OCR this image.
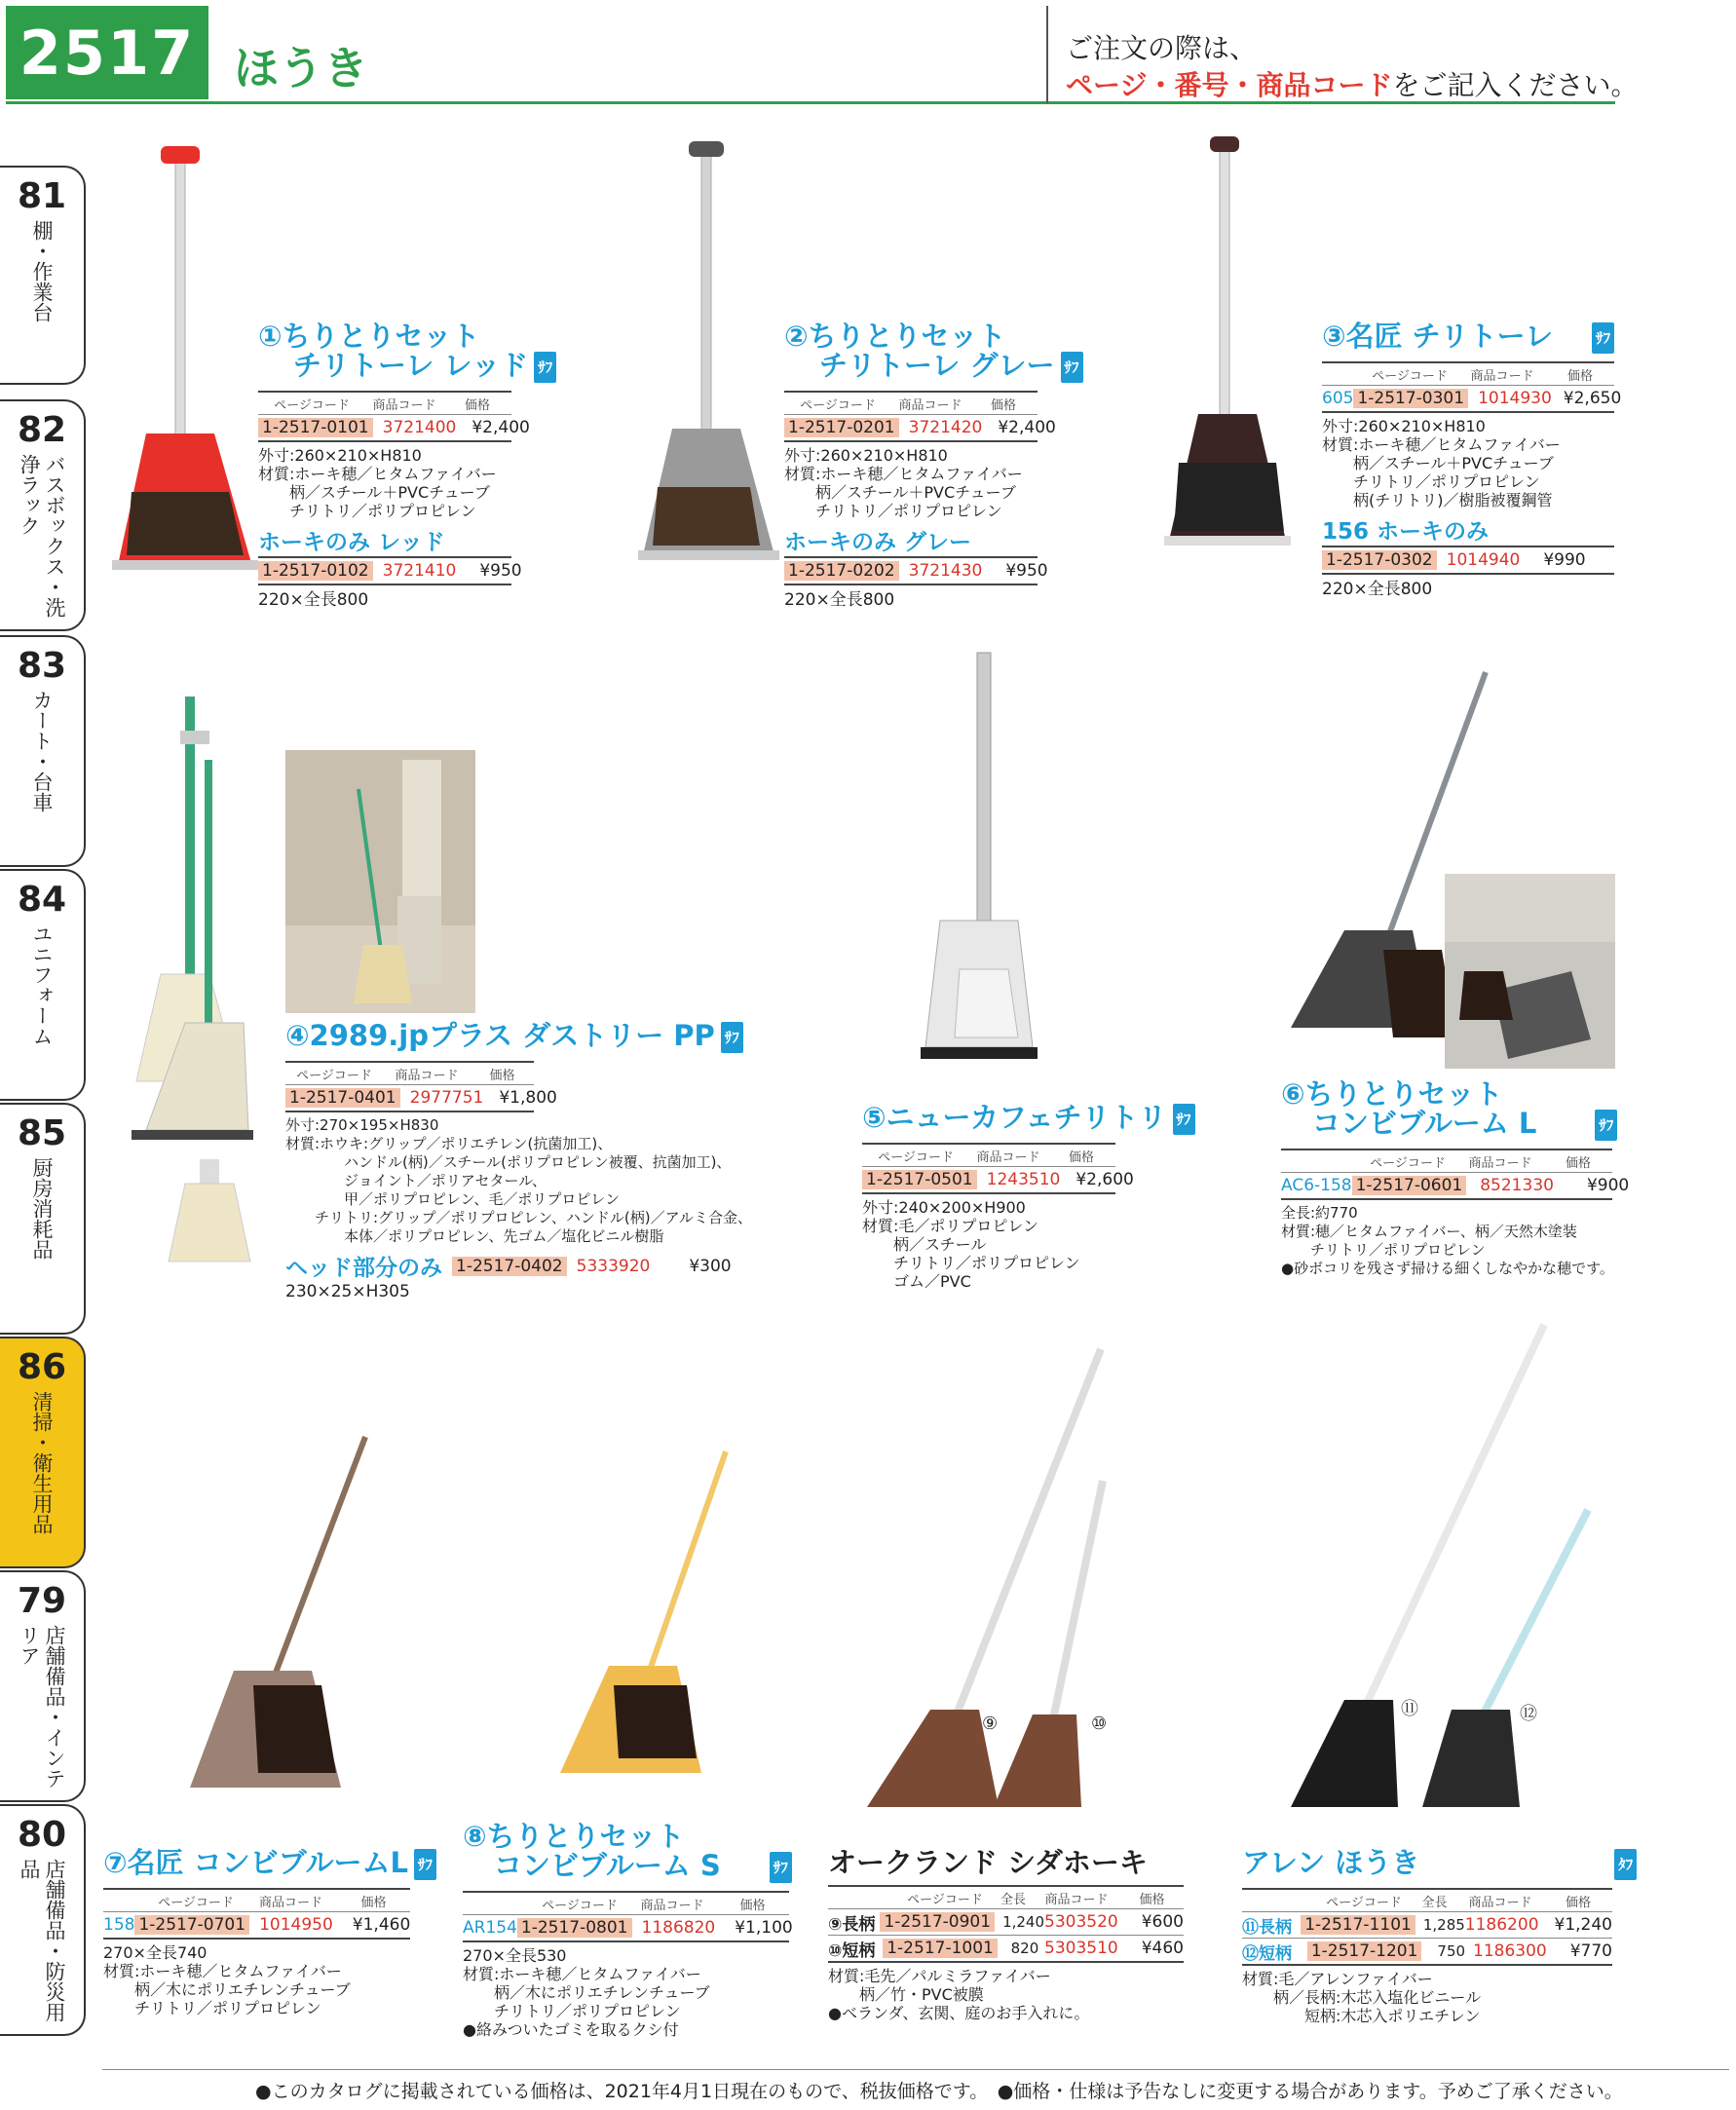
2517 ほうき	ご注文の際は、
ページ・番号・商品コードをご記入ください。
81
棚・作業台
82
バスボックス・洗浄ラック
83
カート・台車
84
ユニフォーム
85
厨房消耗品
86
清掃・衛生用品
79
店舗備品・インテリア
80
店舗備品・防災用品
①ちりとりセット
チリトーレ レッド ｻﾌ
ページコード	商品コード	価格
1-2517-0101 3721400 ¥2,400
外寸:260×210×H810
材質:ホーキ穂／ヒタムファイバー
　　柄／スチール＋PVCチューブ
　　チリトリ／ポリプロピレン
ホーキのみ レッド
1-2517-0102 3721410 ¥950
220×全長800
②ちりとりセット
チリトーレ グレー ｻﾌ
ページコード	商品コード	価格
1-2517-0201 3721420 ¥2,400
外寸:260×210×H810
材質:ホーキ穂／ヒタムファイバー
　　柄／スチール＋PVCチューブ
　　チリトリ／ポリプロピレン
ホーキのみ グレー
1-2517-0202 3721430 ¥950
220×全長800
③名匠 チリトーレ	ｻﾌ
ページコード	商品コード	価格
605 1-2517-0301 1014930 ¥2,650
外寸:260×210×H810
材質:ホーキ穂／ヒタムファイバー
　　柄／スチール＋PVCチューブ
　　チリトリ／ポリプロピレン
　　柄(チリトリ)／樹脂被覆鋼管
156 ホーキのみ
1-2517-0302 1014940 ¥990
220×全長800
④2989.jpプラス ダストリー PP ｻﾌ
ページコード	商品コード	価格
1-2517-0401 2977751 ¥1,800
外寸:270×195×H830
材質:ホウキ:グリップ／ポリエチレン(抗菌加工)、
　　　　ハンドル(柄)／スチール(ポリプロピレン被覆、抗菌加工)、
　　　　ジョイント／ポリアセタール、
　　　　甲／ポリプロピレン、毛／ポリプロピレン
　　チリトリ:グリップ／ポリプロピレン、ハンドル(柄)／アルミ合金、
　　　　本体／ポリプロピレン、先ゴム／塩化ビニル樹脂
ヘッド部分のみ 1-2517-0402 5333920 ¥300
230×25×H305
⑤ニューカフェチリトリ ｻﾌ
ページコード	商品コード	価格
1-2517-0501 1243510 ¥2,600
外寸:240×200×H900
材質:毛／ポリプロピレン
　　柄／スチール
　　チリトリ／ポリプロピレン
　　ゴム／PVC
⑥ちりとりセット
コンビブルーム L	ｻﾌ
ページコード	商品コード	価格
AC6-158 1-2517-0601 8521330 ¥900
全長:約770
材質:穂／ヒタムファイバー、柄／天然木塗装
　　チリトリ／ポリプロピレン
●砂ボコリを残さず掃ける細くしなやかな穂です。
⑨	⑩
⑪	⑫
⑦名匠 コンビブルームL ｻﾌ
ページコード	商品コード	価格
158 1-2517-0701 1014950 ¥1,460
270×全長740
材質:ホーキ穂／ヒタムファイバー
　　柄／木にポリエチレンチューブ
　　チリトリ／ポリプロピレン
⑧ちりとりセット
コンビブルーム S	ｻﾌ
ページコード	商品コード	価格
AR154 1-2517-0801 1186820 ¥1,100
270×全長530
材質:ホーキ穂／ヒタムファイバー
　　柄／木にポリエチレンチューブ
　　チリトリ／ポリプロピレン
●絡みついたゴミを取るクシ付
オークランド シダホーキ
ページコード	全長	商品コード	価格
⑨長柄 1-2517-0901 1,240 5303520 ¥600
⑩短柄 1-2517-1001	820 5303510 ¥460
材質:毛先／パルミラファイバー
　　柄／竹・PVC被膜
●ベランダ、玄関、庭のお手入れに。
アレン ほうき	ﾀﾌ
ページコード	全長	商品コード	価格
⑪長柄 1-2517-1101 1,285 1186200 ¥1,240
⑫短柄	1-2517-1201	750 1186300 ¥770
材質:毛／アレンファイバー
　　柄／長柄:木芯入塩化ビニール
　　　　短柄:木芯入ポリエチレン
●このカタログに掲載されている価格は、2021年4月1日現在のもので、税抜価格です。　●価格・仕様は予告なしに変更する場合があります。予めご了承ください。
